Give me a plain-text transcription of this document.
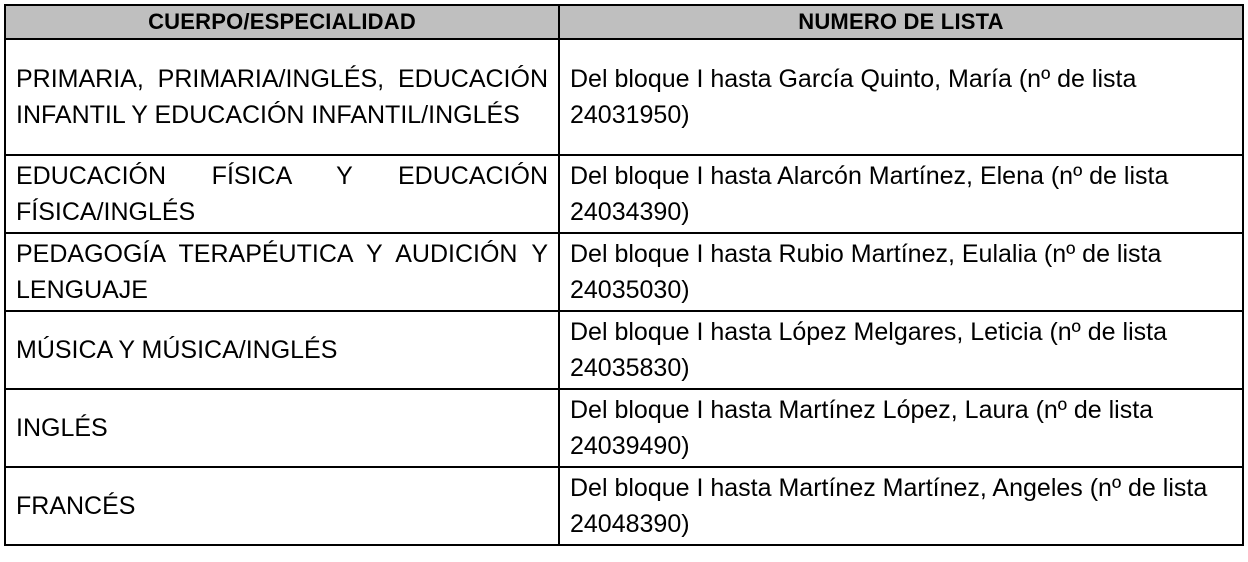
CUERPO/ESPECIALIDAD	NUMERO DE LISTA
PRIMARIA, PRIMARIA/INGLÉS, EDUCACIÓN INFANTIL Y EDUCACIÓN INFANTIL/INGLÉS	Del bloque I hasta García Quinto, María (nº de lista 24031950)
EDUCACIÓN FÍSICA Y EDUCACIÓN FÍSICA/INGLÉS	Del bloque I hasta Alarcón Martínez, Elena (nº de lista 24034390)
PEDAGOGÍA TERAPÉUTICA Y AUDICIÓN Y LENGUAJE	Del bloque I hasta Rubio Martínez, Eulalia (nº de lista 24035030)
MÚSICA Y MÚSICA/INGLÉS	Del bloque I hasta López Melgares, Leticia (nº de lista 24035830)
INGLÉS	Del bloque I hasta Martínez López, Laura (nº de lista 24039490)
FRANCÉS	Del bloque I hasta Martínez Martínez, Angeles (nº de lista 24048390)
